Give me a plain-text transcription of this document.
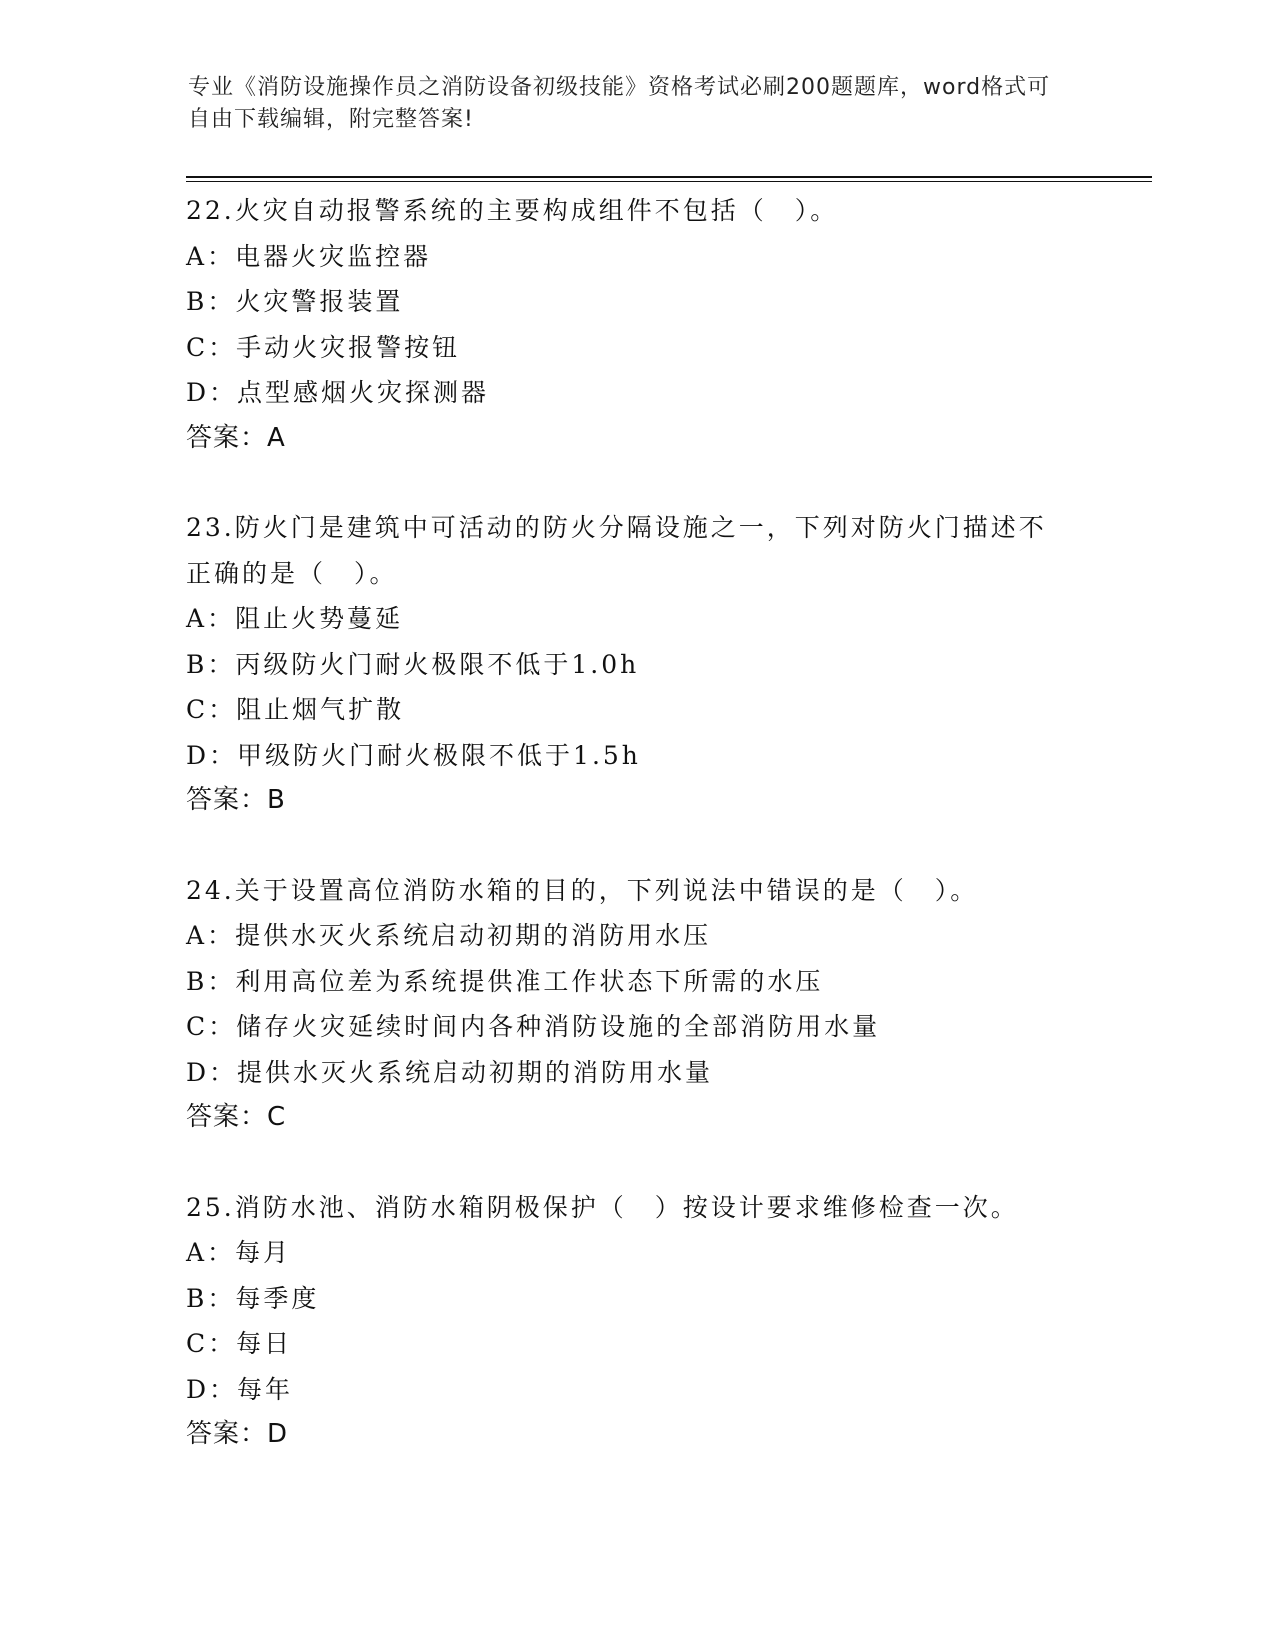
专业《消防设施操作员之消防设备初级技能》资格考试必刷200题题库，word格式可自由下载编辑，附完整答案!
22.火灾自动报警系统的主要构成组件不包括（　）。
A：电器火灾监控器
B：火灾警报装置
C：手动火灾报警按钮
D：点型感烟火灾探测器
答案：A
23.防火门是建筑中可活动的防火分隔设施之一，下列对防火门描述不正确的是（　）。
A：阻止火势蔓延
B：丙级防火门耐火极限不低于1.0h
C：阻止烟气扩散
D：甲级防火门耐火极限不低于1.5h
答案：B
24.关于设置高位消防水箱的目的，下列说法中错误的是（　）。
A：提供水灭火系统启动初期的消防用水压
B：利用高位差为系统提供准工作状态下所需的水压
C：储存火灾延续时间内各种消防设施的全部消防用水量
D：提供水灭火系统启动初期的消防用水量
答案：C
25.消防水池、消防水箱阴极保护（　）按设计要求维修检查一次。
A：每月
B：每季度
C：每日
D：每年
答案：D
